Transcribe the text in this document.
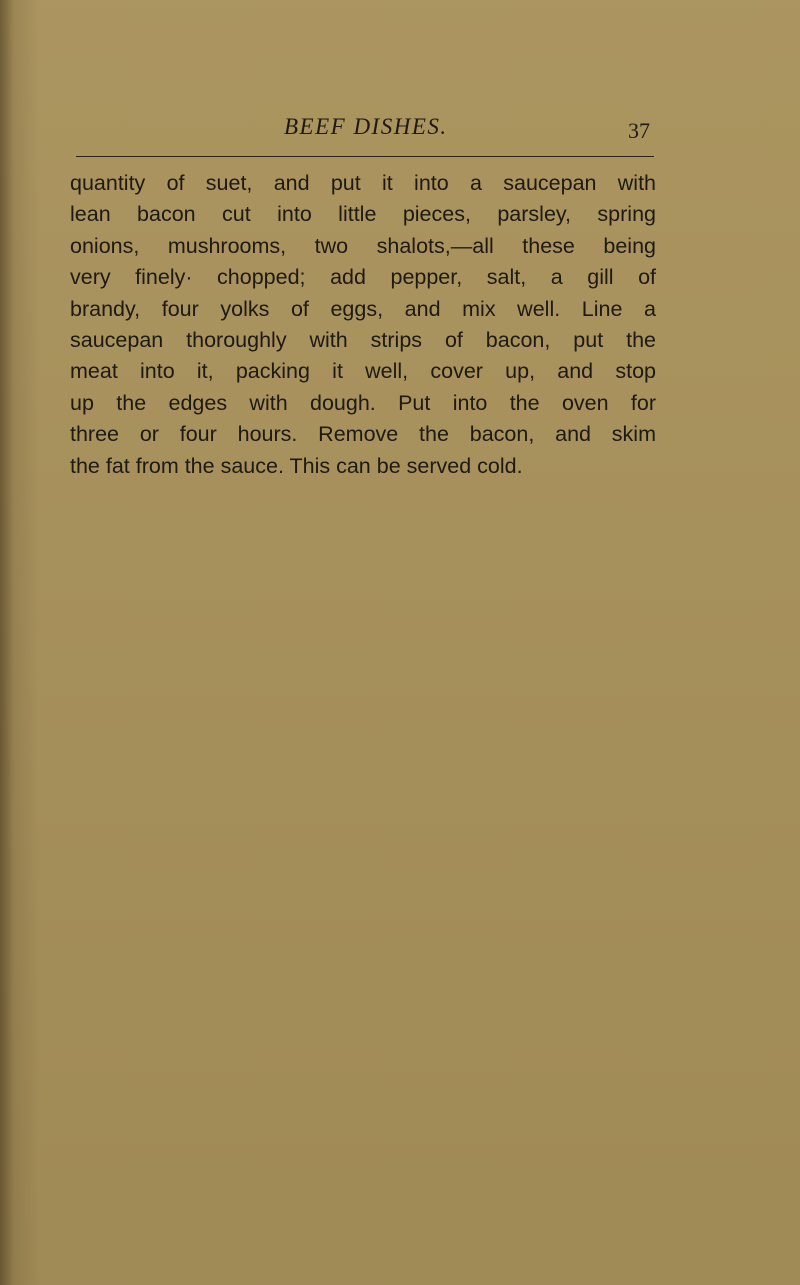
BEEF DISHES.	37
quantity of suet, and put it into a saucepan with
lean bacon cut into little pieces, parsley, spring
onions, mushrooms, two shalots,—all these being
very finely· chopped; add pepper, salt, a gill of
brandy, four yolks of eggs, and mix well. Line a
saucepan thoroughly with strips of bacon, put the
meat into it, packing it well, cover up, and stop
up the edges with dough. Put into the oven for
three or four hours. Remove the bacon, and skim
the fat from the sauce. This can be served cold.
